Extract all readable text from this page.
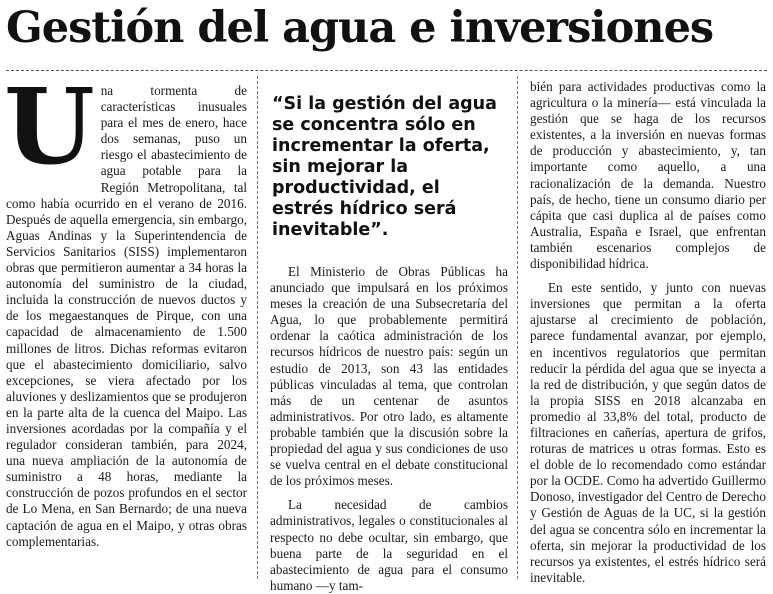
Gestión del agua e inversiones
U na tormenta de características inusuales para el mes de enero, hace dos semanas, puso un riesgo el abastecimiento de agua potable para la Región Metropolitana, tal como había ocurrido en el verano de 2016. Después de aquella emergencia, sin embargo, Aguas Andinas y la Superintendencia de Servicios Sanitarios (SISS) implementaron obras que permitieron aumentar a 34 horas la autonomía del suministro de la ciudad, incluida la construcción de nuevos ductos y de los megaestanques de Pirque, con una capacidad de almacenamiento de 1.500 millones de litros. Dichas reformas evitaron que el abastecimiento domiciliario, salvo excepciones, se viera afectado por los aluviones y deslizamientos que se produjeron en la parte alta de la cuenca del Maipo. Las inversiones acordadas por la compañía y el regulador consideran también, para 2024, una nueva ampliación de la autonomía de suministro a 48 horas, mediante la construcción de pozos profundos en el sector de Lo Mena, en San Bernardo; de una nueva captación de agua en el Maipo, y otras obras complementarias.

“Si la gestión del agua se concentra sólo en incrementar la oferta, sin mejorar la productividad, el estrés hídrico será inevitable”.

El Ministerio de Obras Públicas ha anunciado que impulsará en los próximos meses la creación de una Subsecretaría del Agua, lo que probablemente permitirá ordenar la caótica administración de los recursos hídricos de nuestro país: según un estudio de 2013, son 43 las entidades públicas vinculadas al tema, que controlan más de un centenar de asuntos administrativos. Por otro lado, es altamente probable también que la discusión sobre la propiedad del agua y sus condiciones de uso se vuelva central en el debate constitucional de los próximos meses.

La necesidad de cambios administrativos, legales o constitucionales al respecto no debe ocultar, sin embargo, que buena parte de la seguridad en el abastecimiento de agua para el consumo humano —y tam-

bién para actividades productivas como la agricultura o la minería— está vinculada la gestión que se haga de los recursos existentes, a la inversión en nuevas formas de producción y abastecimiento, y, tan importante como aquello, a una racionalización de la demanda. Nuestro país, de hecho, tiene un consumo diario per cápita que casi duplica al de países como Australia, España e Israel, que enfrentan también escenarios complejos de disponibilidad hídrica.

En este sentido, y junto con nuevas inversiones que permitan a la oferta ajustarse al crecimiento de población, parece fundamental avanzar, por ejemplo, en incentivos regulatorios que permitan reducir la pérdida del agua que se inyecta a la red de distribución, y que según datos de la propia SISS en 2018 alcanzaba en promedio al 33,8% del total, producto de filtraciones en cañerías, apertura de grifos, roturas de matrices u otras formas. Esto es el doble de lo recomendado como estándar por la OCDE. Como ha advertido Guillermo Donoso, investigador del Centro de Derecho y Gestión de Aguas de la UC, si la gestión del agua se concentra sólo en incrementar la oferta, sin mejorar la productividad de los recursos ya existentes, el estrés hídrico será inevitable.
